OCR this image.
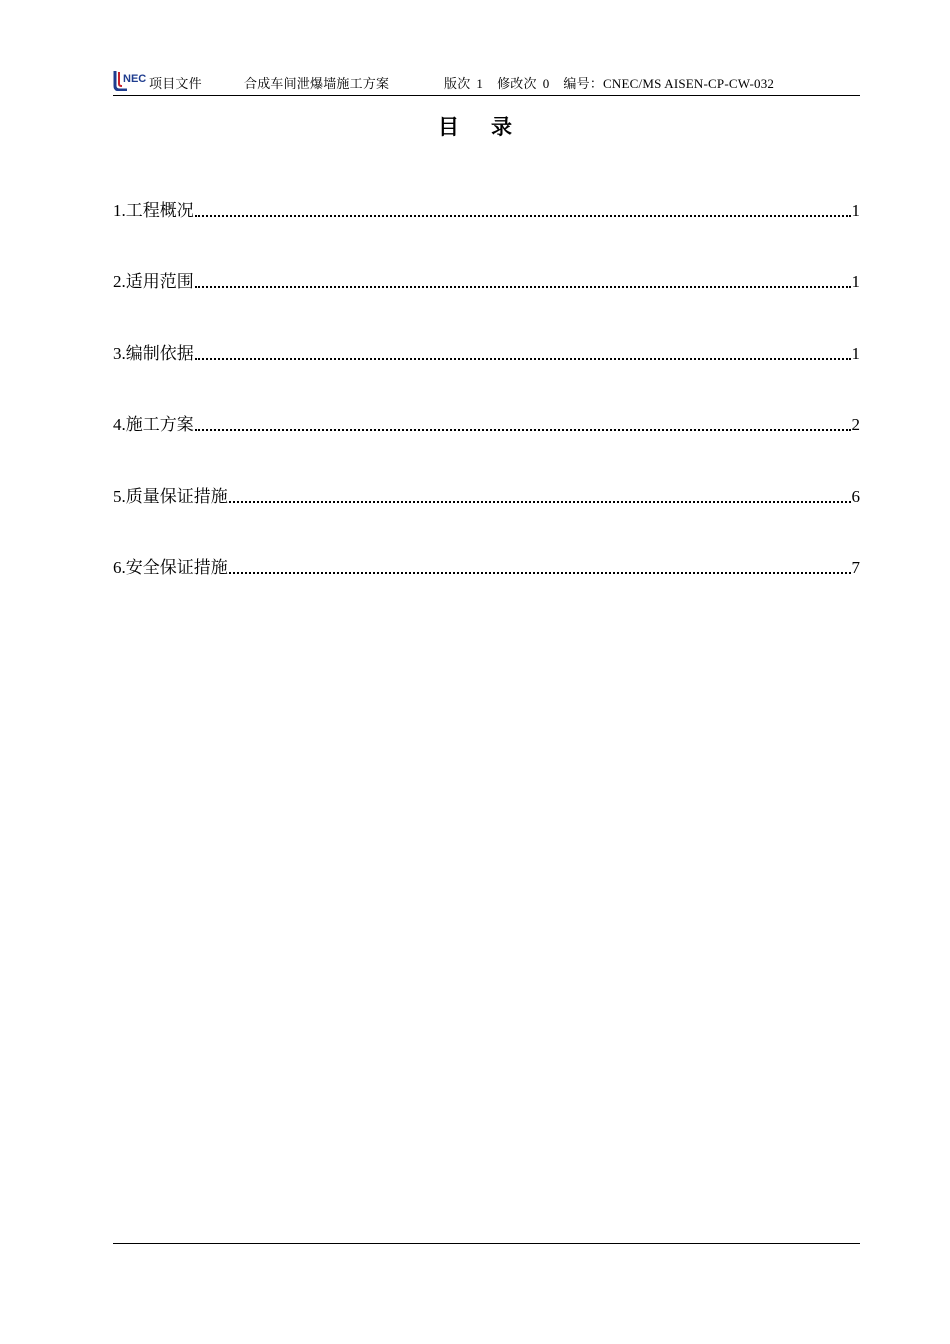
NEC 项目文件	合成车间泄爆墙施工方案	版次 1 修改次 0 编号：CNEC/MS AISEN-CP-CW-032
目 录
1.工程概况	1
2.适用范围	1
3.编制依据	1
4.施工方案	2
5.质量保证措施	6
6.安全保证措施	7
